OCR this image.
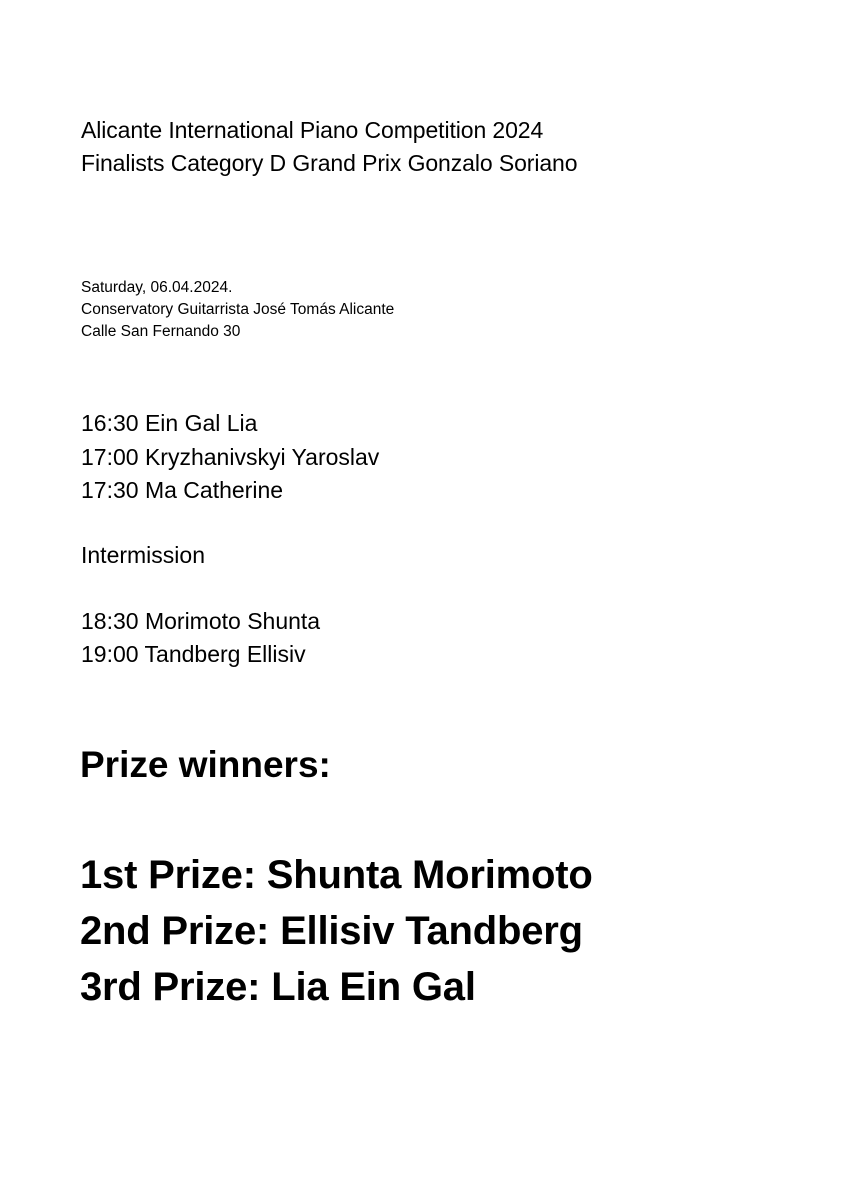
Alicante International Piano Competition 2024
Finalists Category D Grand Prix Gonzalo Soriano
Saturday, 06.04.2024.
Conservatory Guitarrista José Tomás Alicante
Calle San Fernando 30
16:30 Ein Gal Lia
17:00 Kryzhanivskyi Yaroslav
17:30 Ma Catherine
Intermission
18:30 Morimoto Shunta
19:00 Tandberg Ellisiv
Prize winners:
1st Prize: Shunta Morimoto
2nd Prize: Ellisiv Tandberg
3rd Prize: Lia Ein Gal
